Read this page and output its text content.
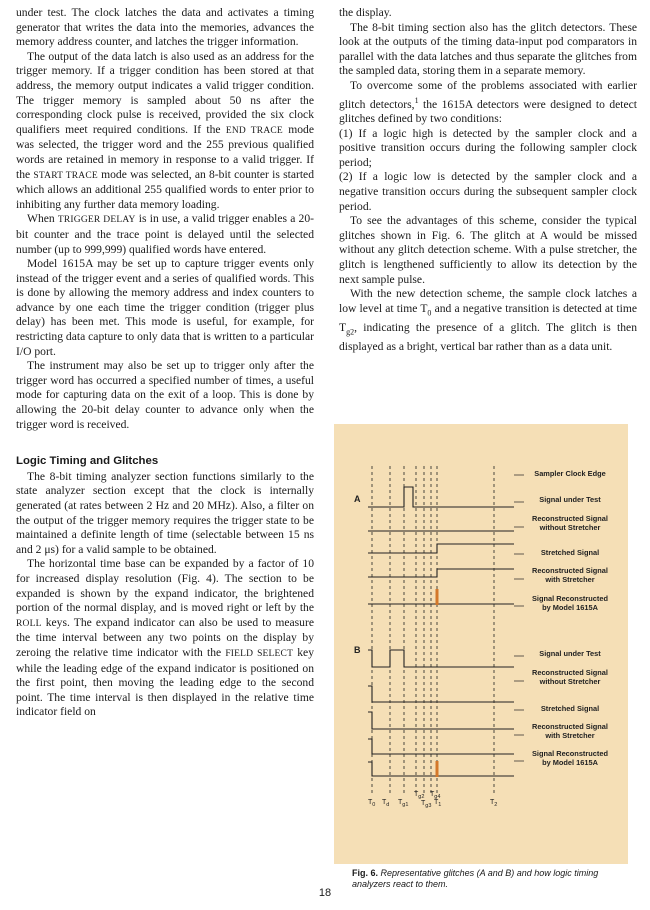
under test. The clock latches the data and activates a timing generator that writes the data into the memories, advances the memory address counter, and latches the trigger information.

The output of the data latch is also used as an address for the trigger memory. If a trigger condition has been stored at that address, the memory output indicates a valid trigger condition. The trigger memory is sampled about 50 ns after the corresponding clock pulse is received, provided the six clock qualifiers meet required conditions. If the END TRACE mode was selected, the trigger word and the 255 previous qualified words are retained in memory in response to a valid trigger. If the START TRACE mode was selected, an 8-bit counter is started which allows an additional 255 qualified words to enter prior to inhibiting any further data memory loading.

When TRIGGER DELAY is in use, a valid trigger enables a 20-bit counter and the trace point is delayed until the selected number (up to 999,999) qualified words have entered.

Model 1615A may be set up to capture trigger events only instead of the trigger event and a series of qualified words. This is done by allowing the memory address and index counters to advance by one each time the trigger condition (trigger plus delay) has been met. This mode is useful, for example, for restricting data capture to only data that is written to a particular I/O port.

The instrument may also be set up to trigger only after the trigger word has occurred a specified number of times, a useful mode for capturing data on the exit of a loop. This is done by allowing the 20-bit delay counter to advance only when the trigger word is received.

Logic Timing and Glitches

The 8-bit timing analyzer section functions similarly to the state analyzer section except that the clock is internally generated (at rates between 2 Hz and 20 MHz). Also, a filter on the output of the trigger memory requires the trigger state to be maintained a definite length of time (selectable between 15 ns and 2 μs) for a valid sample to be obtained.

The horizontal time base can be expanded by a factor of 10 for increased display resolution (Fig. 4). The section to be expanded is shown by the expand indicator, the brightened portion of the normal display, and is moved right or left by the ROLL keys. The expand indicator can also be used to measure the time interval between any two points on the display by zeroing the relative time indicator with the FIELD SELECT key while the leading edge of the expand indicator is positioned on the first point, then moving the leading edge to the second point. The time interval is then displayed in the relative time indicator field on

the display.

The 8-bit timing section also has the glitch detectors. These look at the outputs of the timing data-input pod comparators in parallel with the data latches and thus separate the glitches from the sampled data, storing them in a separate memory.

To overcome some of the problems associated with earlier glitch detectors,$^1$ the 1615A detectors were designed to detect glitches defined by two conditions:

(1) If a logic high is detected by the sampler clock and a positive transition occurs during the following sampler clock period;

(2) If a logic low is detected by the sampler clock and a negative transition occurs during the subsequent sampler clock period.

To see the advantages of this scheme, consider the typical glitches shown in Fig. 6. The glitch at A would be missed without any glitch detection scheme. With a pulse stretcher, the glitch is lengthened sufficiently to allow its detection by the next sample pulse.

With the new detection scheme, the sample clock latches a low level at time $T_0$ and a negative transition is detected at time $T_{g2}$, indicating the presence of a glitch. The glitch is then displayed as a bright, vertical bar rather than as a data unit.

A
B
Sampler Clock Edge
Signal under Test
Reconstructed Signal
without Stretcher
Stretched Signal
Reconstructed Signal
with Stretcher
Signal Reconstructed
by Model 1615A
Signal under Test
Reconstructed Signal
without Stretcher
Stretched Signal
Reconstructed Signal
with Stretcher
Signal Reconstructed
by Model 1615A
$T_0$ $T_d$ $T_{g1}$
$T_{g2}$
$T_{g3}$
$T_{g4}$
$T_1$	$T_2$
Fig. 6. Representative glitches (A and B) and how logic timing analyzers react to them.
18
